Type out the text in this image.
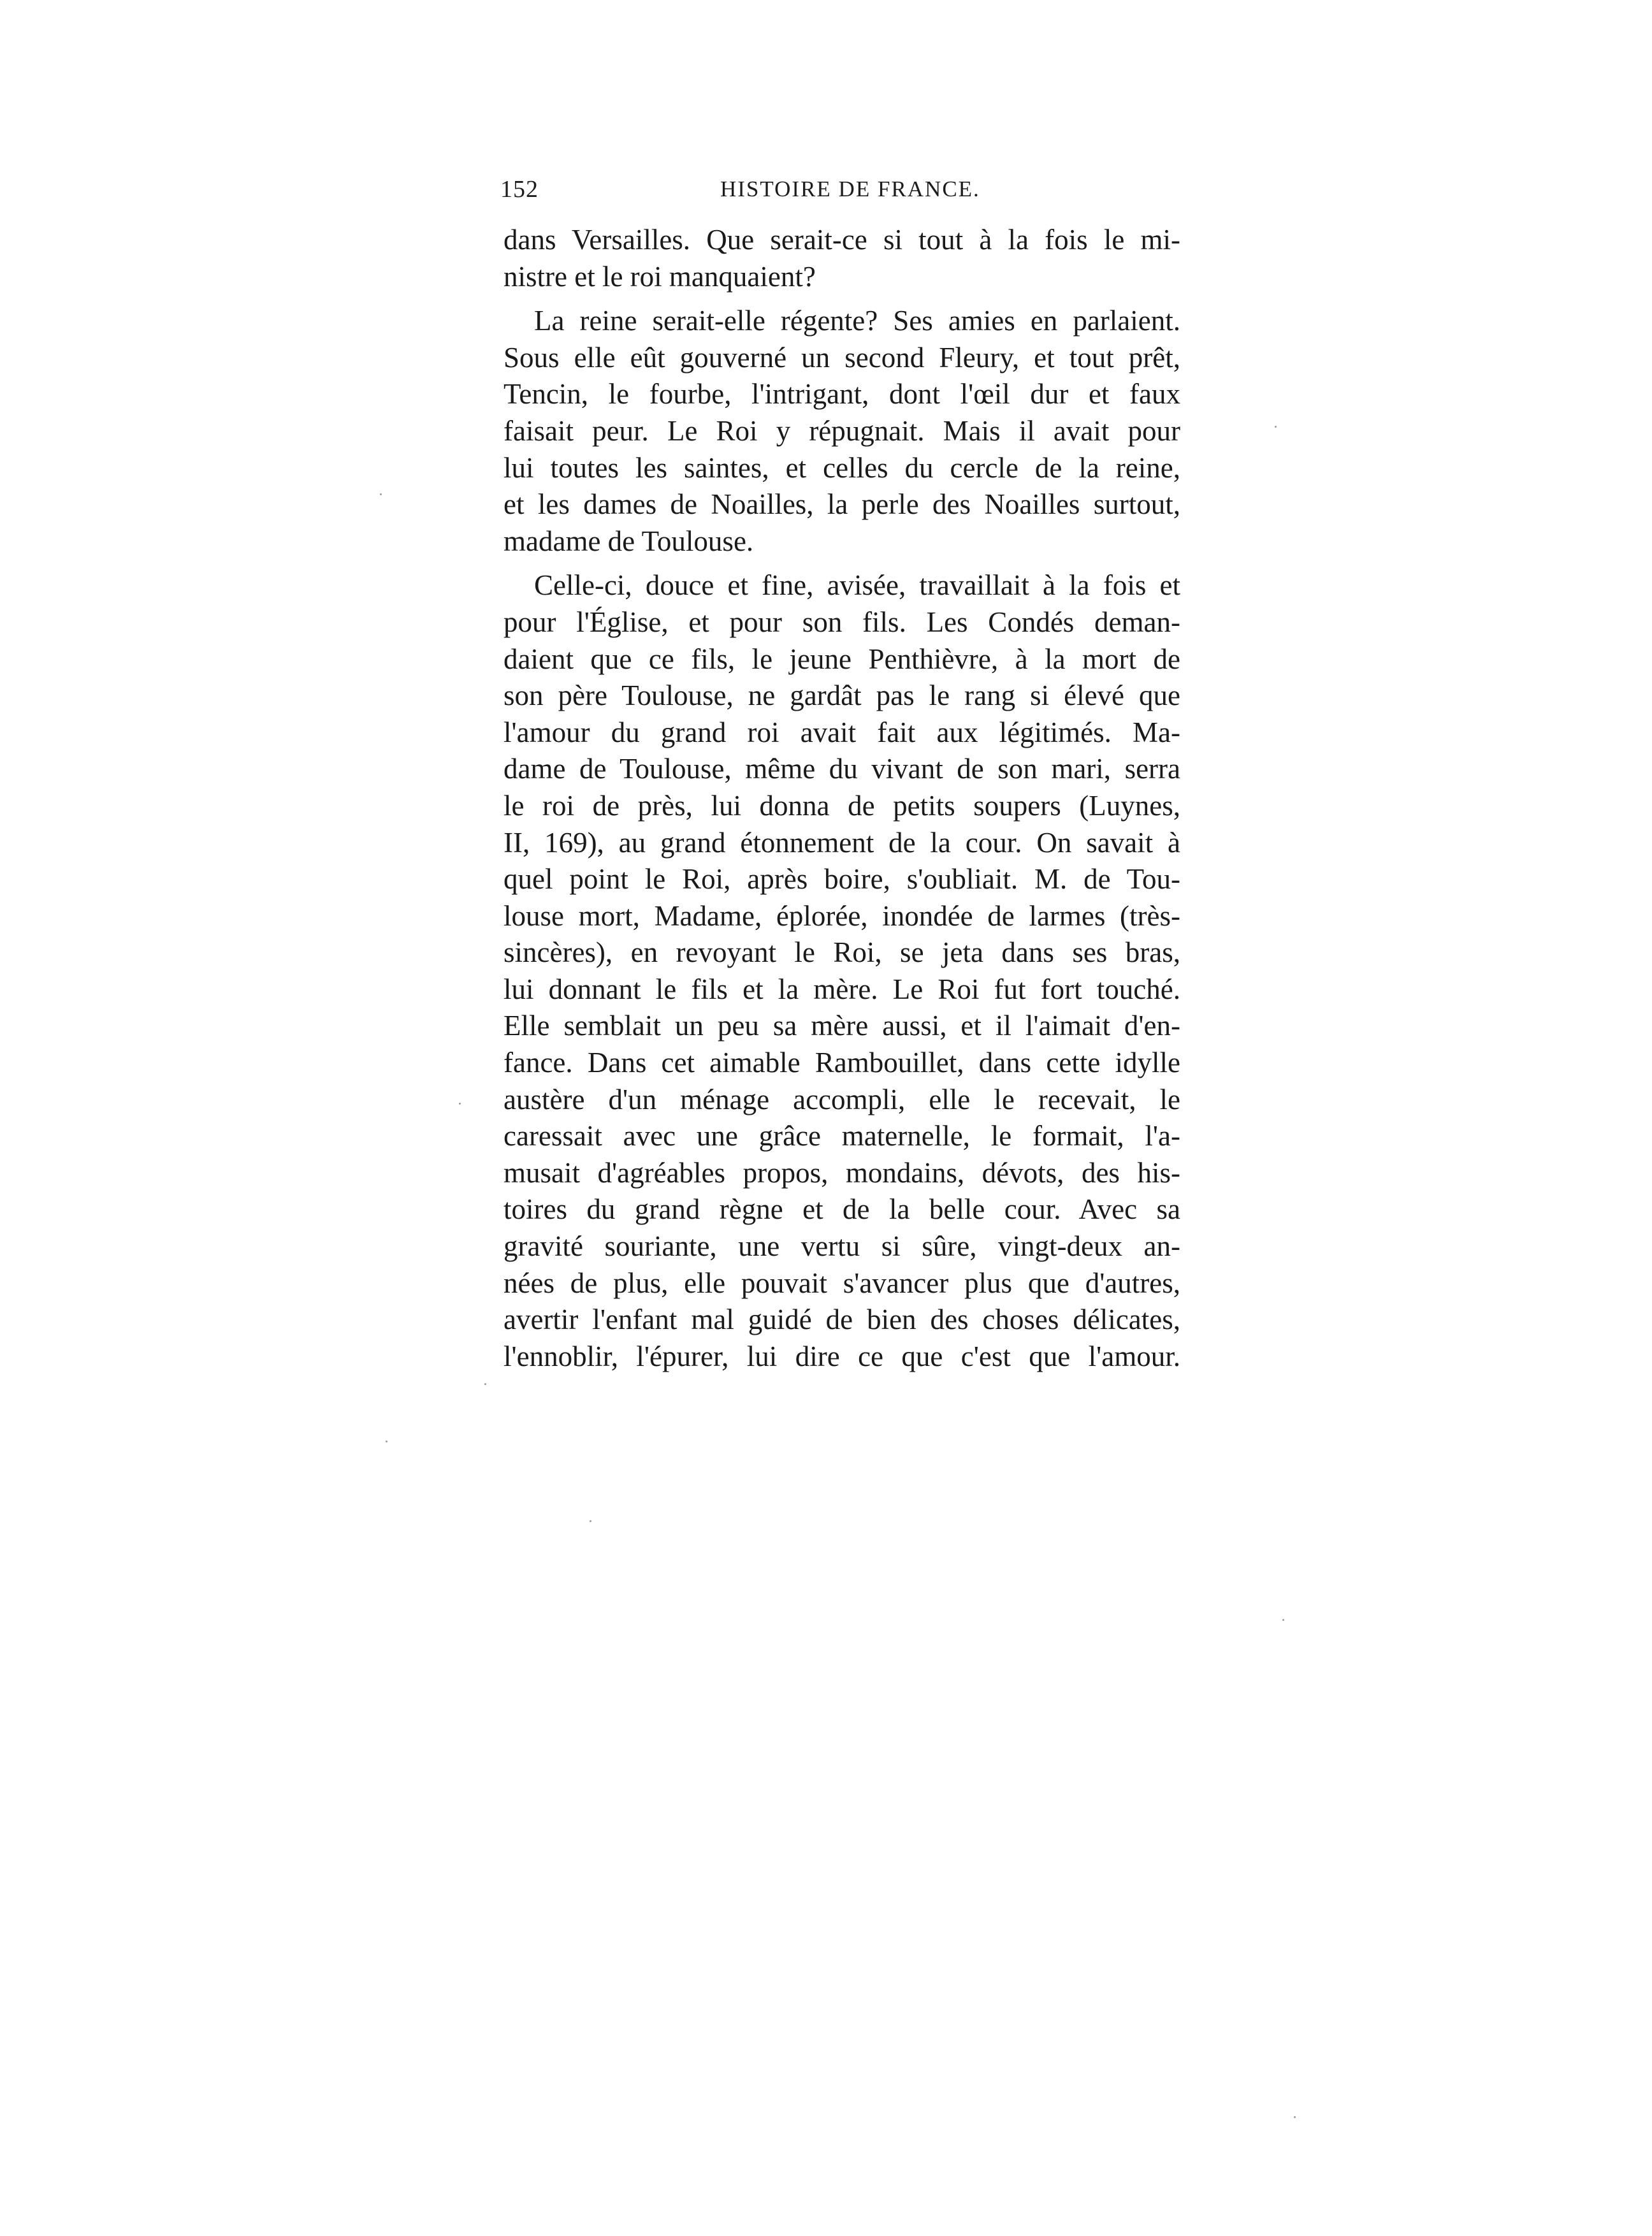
152	HISTOIRE DE FRANCE.
dans Versailles. Que serait-ce si tout à la fois le mi-
nistre et le roi manquaient?
La reine serait-elle régente? Ses amies en parlaient.
Sous elle eût gouverné un second Fleury, et tout prêt,
Tencin, le fourbe, l'intrigant, dont l'œil dur et faux
faisait peur. Le Roi y répugnait. Mais il avait pour
lui toutes les saintes, et celles du cercle de la reine,
et les dames de Noailles, la perle des Noailles surtout,
madame de Toulouse.
Celle-ci, douce et fine, avisée, travaillait à la fois et
pour l'Église, et pour son fils. Les Condés deman-
daient que ce fils, le jeune Penthièvre, à la mort de
son père Toulouse, ne gardât pas le rang si élevé que
l'amour du grand roi avait fait aux légitimés. Ma-
dame de Toulouse, même du vivant de son mari, serra
le roi de près, lui donna de petits soupers (Luynes,
II, 169), au grand étonnement de la cour. On savait à
quel point le Roi, après boire, s'oubliait. M. de Tou-
louse mort, Madame, éplorée, inondée de larmes (très-
sincères), en revoyant le Roi, se jeta dans ses bras,
lui donnant le fils et la mère. Le Roi fut fort touché.
Elle semblait un peu sa mère aussi, et il l'aimait d'en-
fance. Dans cet aimable Rambouillet, dans cette idylle
austère d'un ménage accompli, elle le recevait, le
caressait avec une grâce maternelle, le formait, l'a-
musait d'agréables propos, mondains, dévots, des his-
toires du grand règne et de la belle cour. Avec sa
gravité souriante, une vertu si sûre, vingt-deux an-
nées de plus, elle pouvait s'avancer plus que d'autres,
avertir l'enfant mal guidé de bien des choses délicates,
l'ennoblir, l'épurer, lui dire ce que c'est que l'amour.
